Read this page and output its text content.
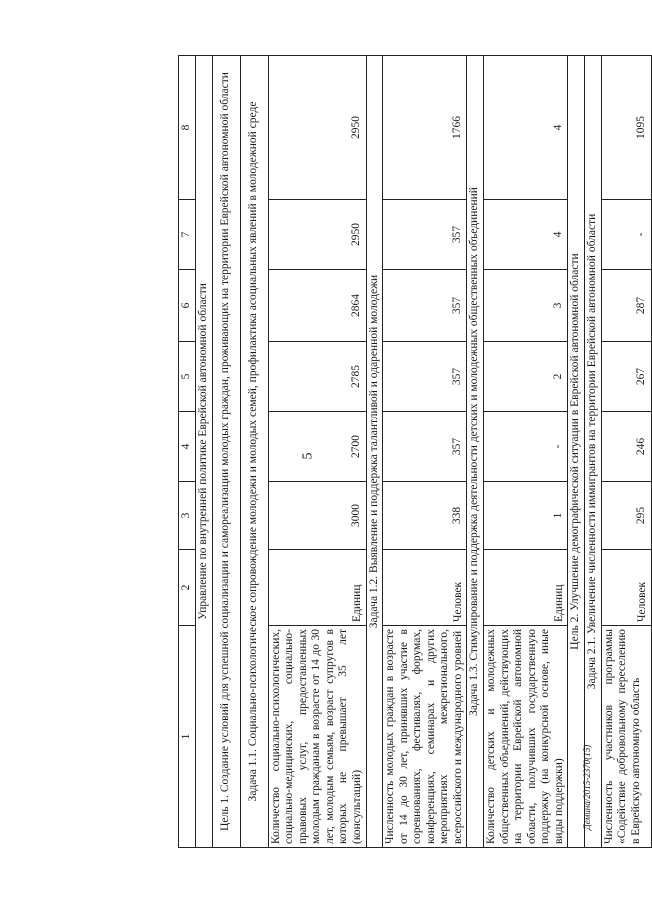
5
Демина/2015-2370(15)
1	2	3	4	5	6	7	8
Управление по внутренней политике Еврейской автономной области							
Цель 1. Создание условий для успешной социализации и самореализации молодых граждан, проживающих на территории Еврейской автономной области							
Задача 1.1. Социально-психологическое сопровождение молодежи и молодых семей, профилактика асоциальных явлений в молодежной среде							
Количество социально-психологических, социально-медицинских, социально-правовых услуг, предоставленных молодым гражданам в возрасте от 14 до 30 лет, молодым семьям, возраст супругов в которых не превышает 35 лет (консультаций)	Единиц	3000	2700	2785	2864	2950	2950
Задача 1.2. Выявление и поддержка талантливой и одаренной молодежи							
Численность молодых граждан в возрасте от 14 до 30 лет, принявших участие в соревнованиях, фестивалях, форумах, конференциях, семинарах и других мероприятиях межрегионального, всероссийского и международного уровней	Человек	338	357	357	357	357	1766
Задача 1.3. Стимулирование и поддержка деятельности детских и молодежных общественных объединений							
Количество детских и молодежных общественных объединений, действующих на территории Еврейской автономной области, получивших государственную поддержку (на конкурсной основе, иные виды поддержки)	Единиц	1	-	2	3	4	4
Цель 2. Улучшение демографической ситуации в Еврейской автономной области							
Задача 2.1. Увеличение численности иммигрантов на территории Еврейской автономной области							
Численность участников программы «Содействие добровольному переселению в Еврейскую автономную область	Человек	295	246	267	287	-	1095
